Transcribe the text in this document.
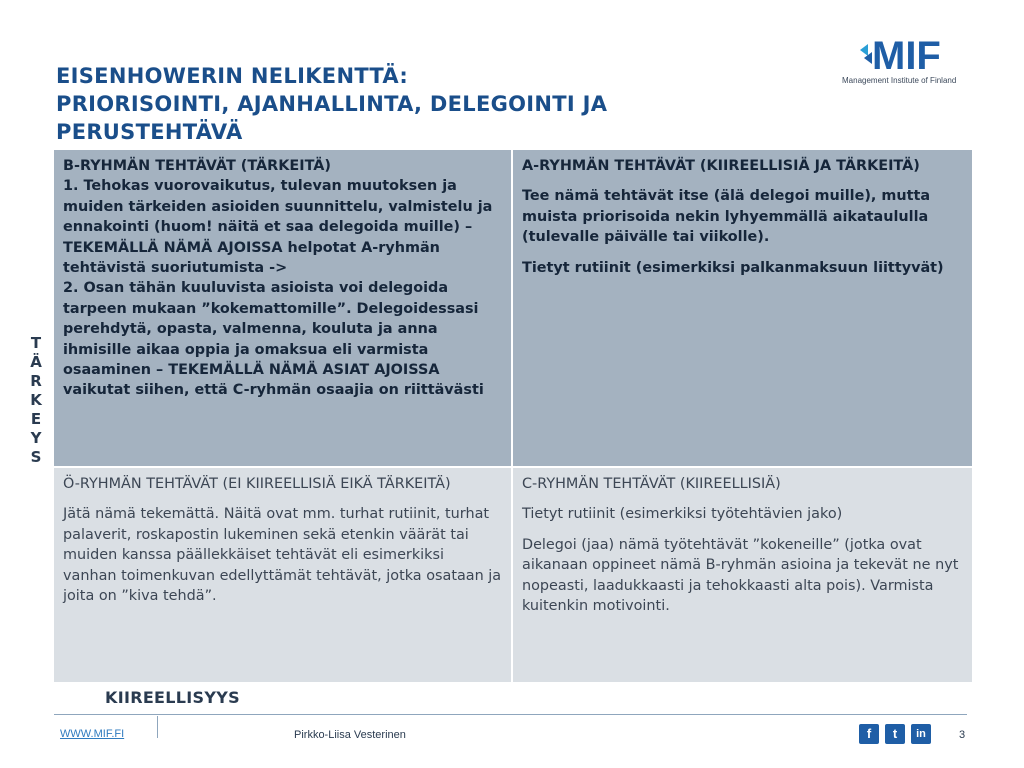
EISENHOWERIN NELIKENTTÄ:
PRIORISOINTI, AJANHALLINTA, DELEGOINTI JA
PERUSTEHTÄVÄ
MIF
Management Institute of Finland
T
Ä
R
K
E
Y
S

B-RYHMÄN TEHTÄVÄT (TÄRKEITÄ)

1. Tehokas vuorovaikutus, tulevan muutoksen ja muiden tärkeiden asioiden suunnittelu, valmistelu ja ennakointi (huom! näitä et saa delegoida muille) – TEKEMÄLLÄ NÄMÄ AJOISSA helpotat A-ryhmän tehtävistä suoriutumista ->

2. Osan tähän kuuluvista asioista voi delegoida tarpeen mukaan ”kokemattomille”. Delegoidessasi perehdytä, opasta, valmenna, kouluta ja anna ihmisille aikaa oppia ja omaksua eli varmista osaaminen – TEKEMÄLLÄ NÄMÄ ASIAT AJOISSA vaikutat siihen, että C-ryhmän osaajia on riittävästi

A-RYHMÄN TEHTÄVÄT (KIIREELLISIÄ JA TÄRKEITÄ)

Tee nämä tehtävät itse (älä delegoi muille), mutta muista priorisoida nekin lyhyemmällä aikataululla (tulevalle päivälle tai viikolle).

Tietyt rutiinit (esimerkiksi palkanmaksuun liittyvät)

Ö-RYHMÄN TEHTÄVÄT (EI KIIREELLISIÄ EIKÄ TÄRKEITÄ)

Jätä nämä tekemättä. Näitä ovat mm. turhat rutiinit, turhat palaverit, roskapostin lukeminen sekä etenkin väärät tai muiden kanssa päällekkäiset tehtävät eli esimerkiksi vanhan toimenkuvan edellyttämät tehtävät, jotka osataan ja joita on ”kiva tehdä”.

C-RYHMÄN TEHTÄVÄT (KIIREELLISIÄ)

Tietyt rutiinit (esimerkiksi työtehtävien jako)

Delegoi (jaa) nämä työtehtävät ”kokeneille” (jotka ovat aikanaan oppineet nämä B-ryhmän asioina ja tekevät ne nyt nopeasti, laadukkaasti ja tehokkaasti alta pois). Varmista kuitenkin motivointi.

KIIREELLISYYS
WWW.MIF.FI	Pirkko-Liisa Vesterinen	f	t	in	3
